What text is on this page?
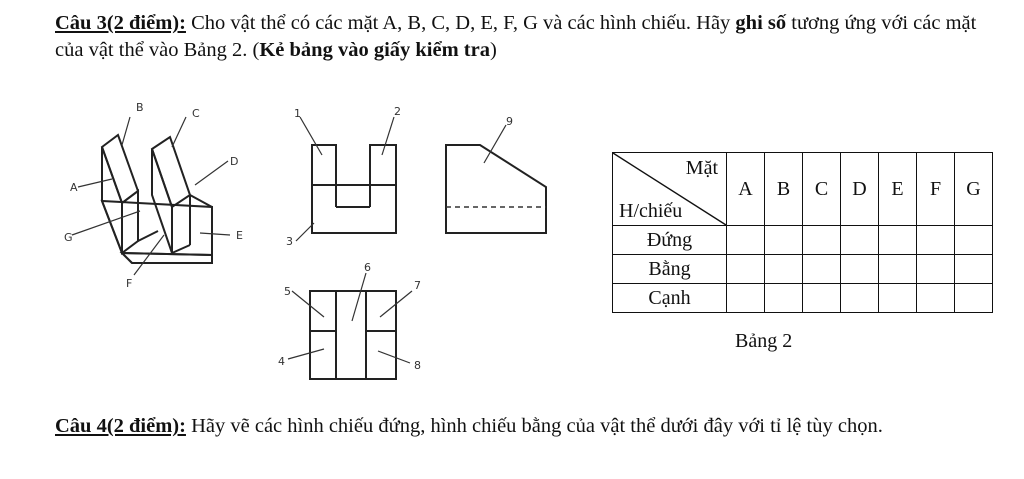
Câu 3(2 điểm): Cho vật thể có các mặt A, B, C, D, E, F, G và các hình chiếu. Hãy ghi số tương ứng với các mặt của vật thể vào Bảng 2. (Kẻ bảng vào giấy kiểm tra)

A
B	C
D
E
F
G
1	2
3
5
6
7
4	8
9
Mặt
H/chiếu	A	B	C	D	E	F	G
Đứng							
Bằng							
Cạnh							
Bảng 2

Câu 4(2 điểm): Hãy vẽ các hình chiếu đứng, hình chiếu bằng của vật thể dưới đây với tỉ lệ tùy chọn.
